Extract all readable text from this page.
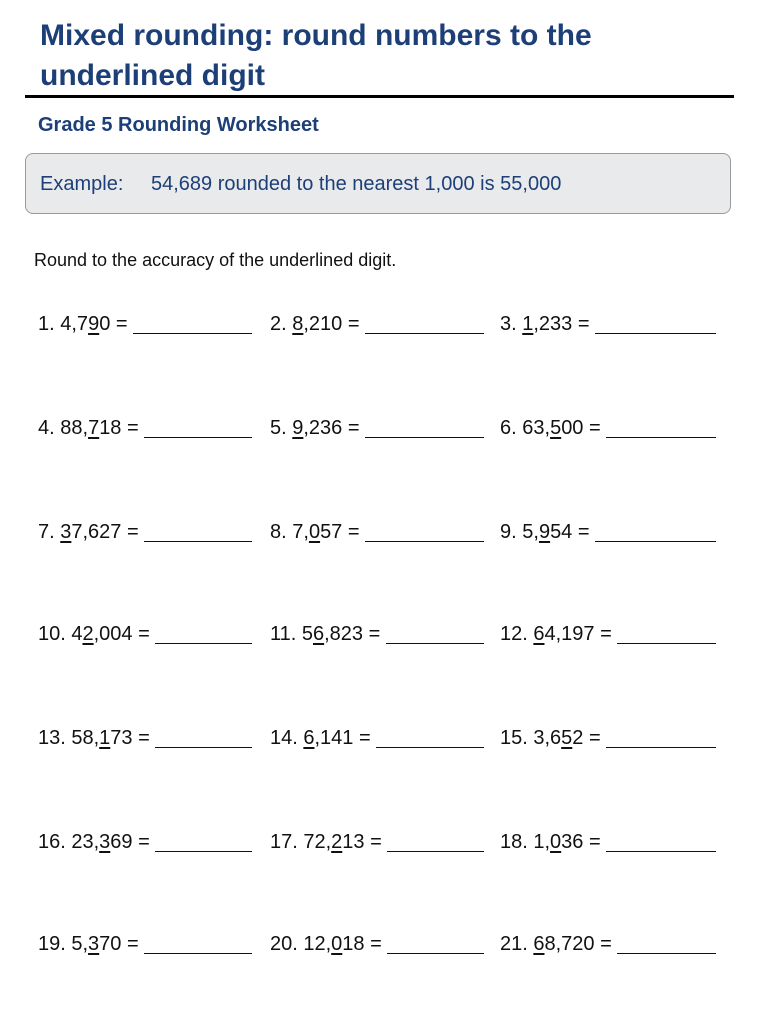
Mixed rounding: round numbers to the underlined digit
Grade 5 Rounding Worksheet
Example: 54,689 rounded to the nearest 1,000 is 55,000

Round to the accuracy of the underlined digit.

1. 4,790 =	2. 8,210 =	3. 1,233 =
4. 88,718 =	5. 9,236 =	6. 63,500 =
7. 37,627 =	8. 7,057 =	9. 5,954 =
10. 42,004 =	11. 56,823 =	12. 64,197 =
13. 58,173 =	14. 6,141 =	15. 3,652 =
16. 23,369 =	17. 72,213 =	18. 1,036 =
19. 5,370 =	20. 12,018 =	21. 68,720 =
